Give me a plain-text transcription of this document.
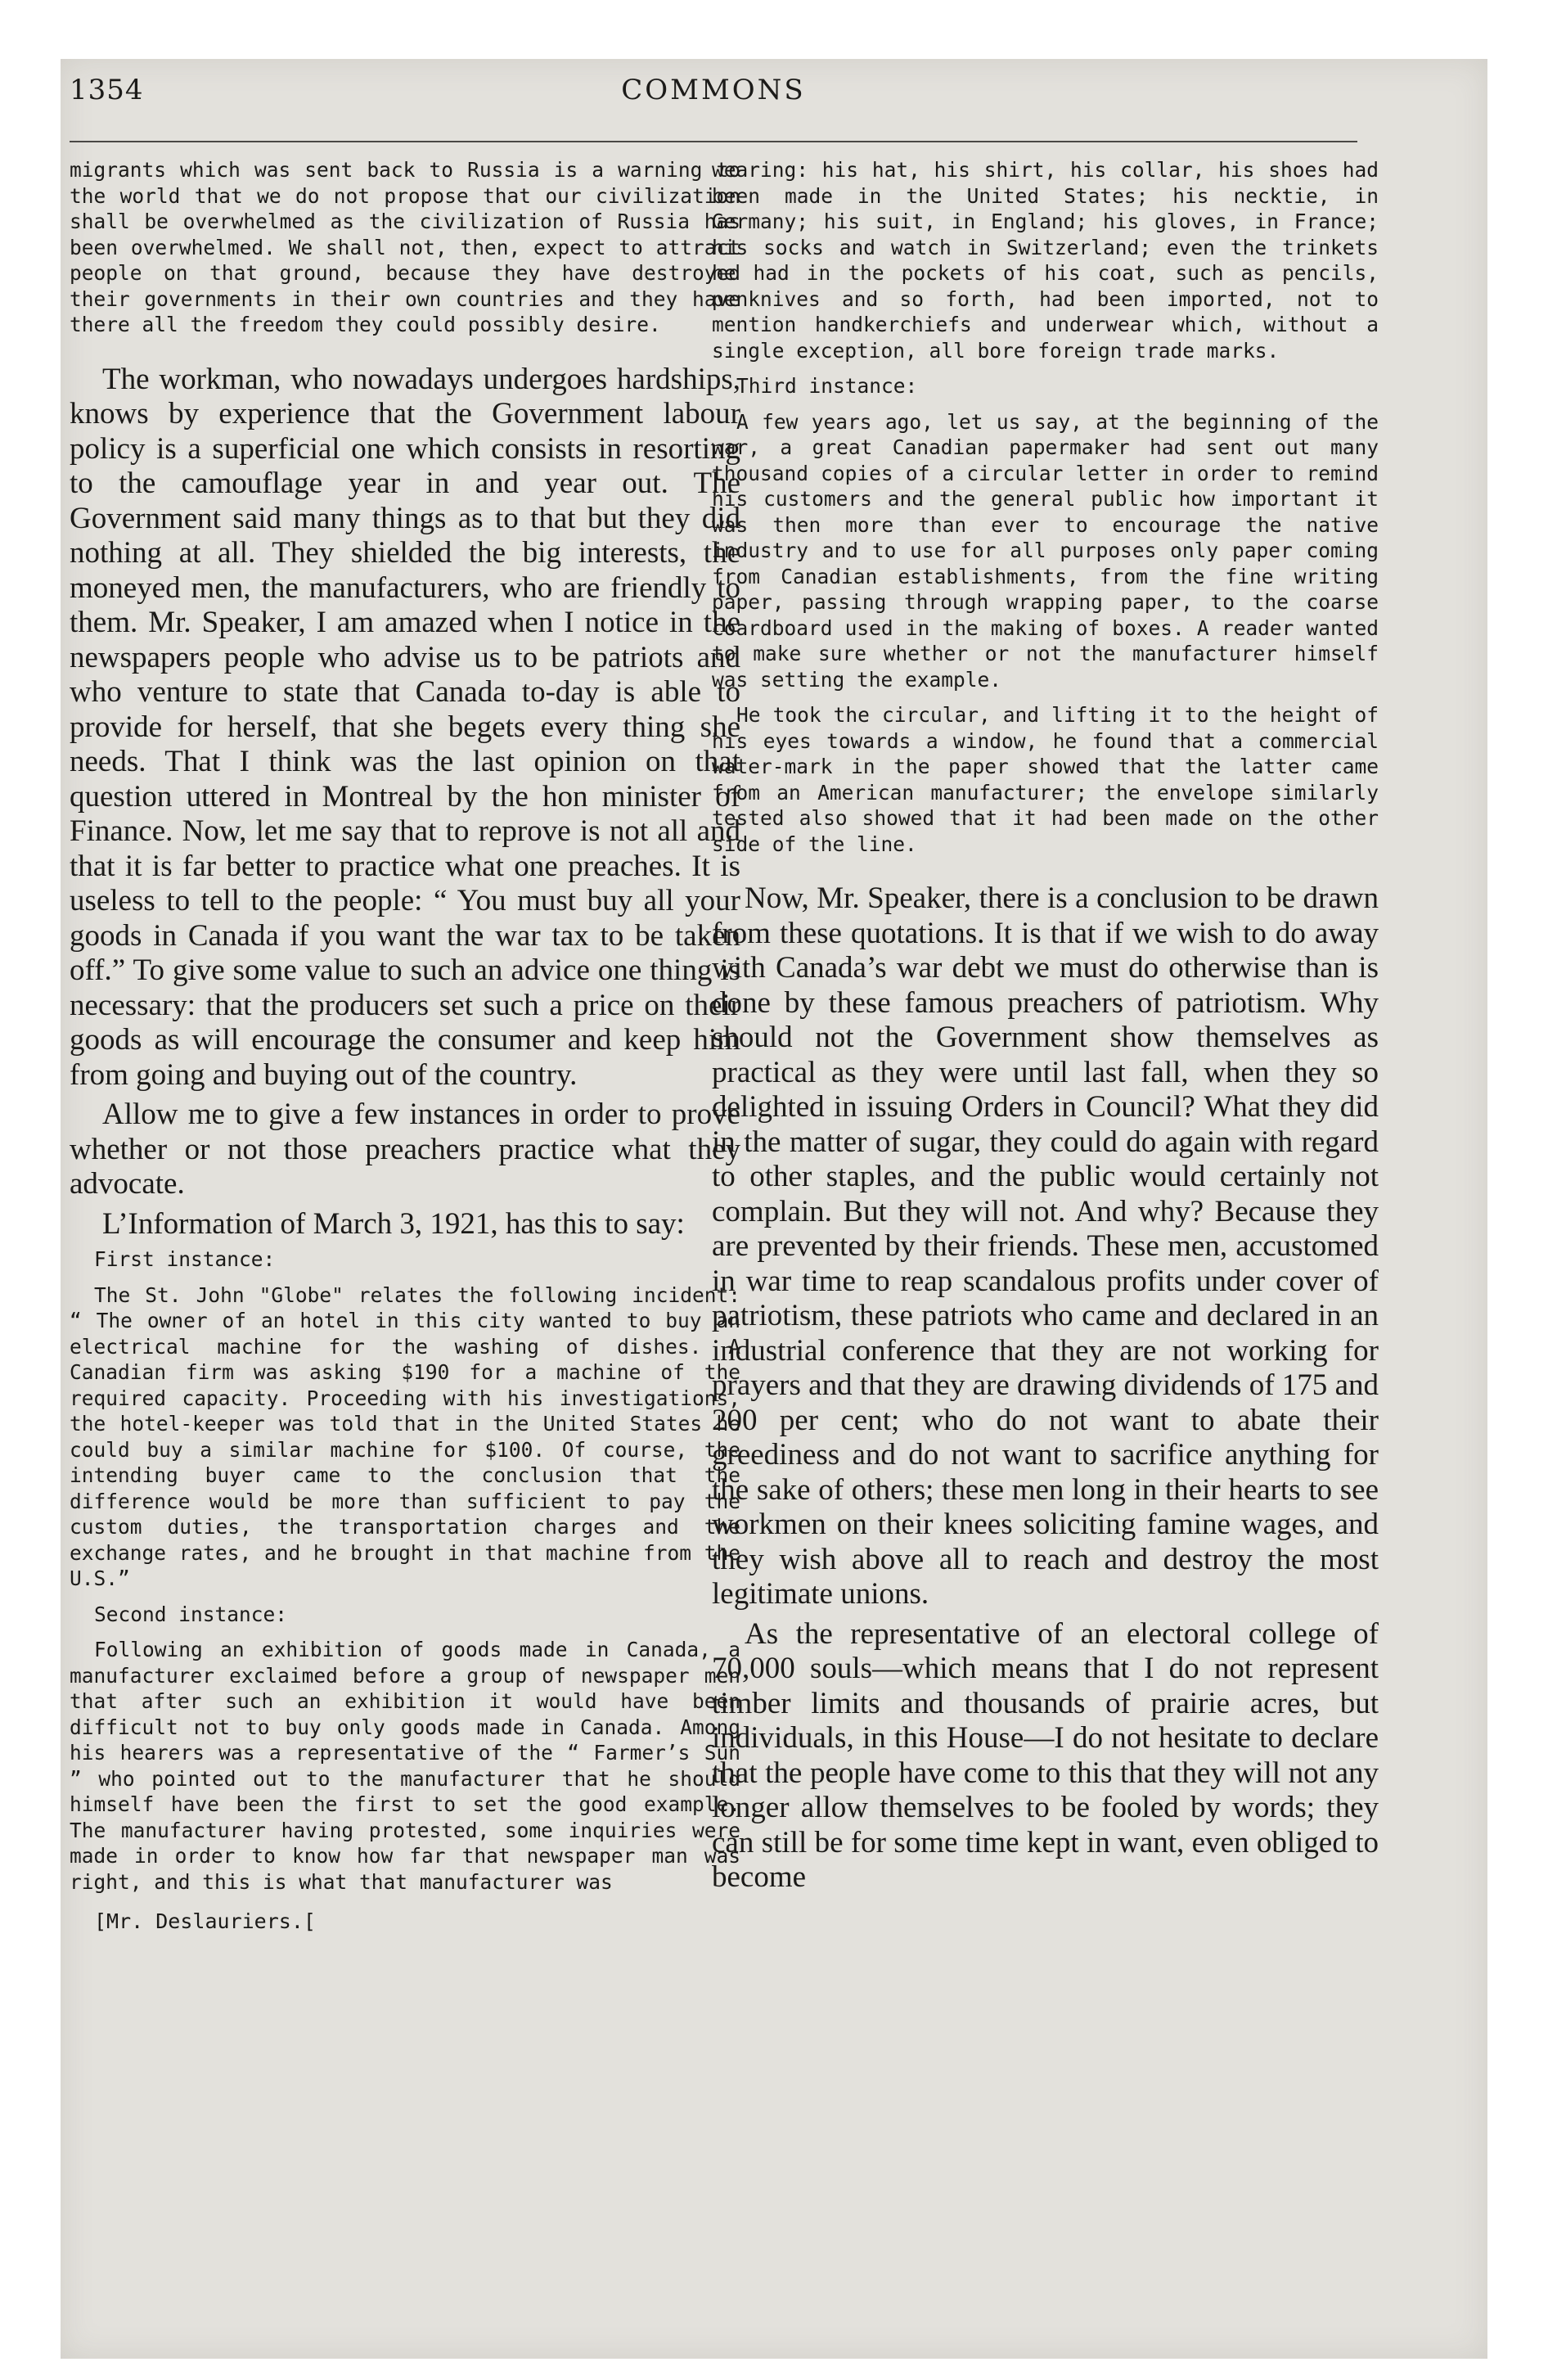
1354	COMMONS

migrants which was sent back to Russia is a warning to the world that we do not propose that our civilization shall be overwhelmed as the civilization of Russia has been overwhelmed. We shall not, then, expect to attract people on that ground, because they have destroyed their governments in their own countries and they have there all the freedom they could possibly desire.

The workman, who nowadays undergoes hardships, knows by experience that the Government labour policy is a superficial one which consists in resorting to the camouflage year in and year out. The Government said many things as to that but they did nothing at all. They shielded the big interests, the moneyed men, the manufacturers, who are friendly to them. Mr. Speaker, I am amazed when I notice in the newspapers people who advise us to be patriots and who venture to state that Canada to-day is able to provide for herself, that she begets every thing she needs. That I think was the last opinion on that question uttered in Montreal by the hon minister of Finance. Now, let me say that to reprove is not all and that it is far better to practice what one preaches. It is useless to tell to the people: “ You must buy all your goods in Canada if you want the war tax to be taken off.” To give some value to such an advice one thing is necessary: that the producers set such a price on their goods as will encourage the consumer and keep him from going and buying out of the country.

Allow me to give a few instances in order to prove whether or not those preachers practice what they advocate.

L’Information of March 3, 1921, has this to say:

First instance:

The St. John "Globe" relates the following incident: “ The owner of an hotel in this city wanted to buy an electrical machine for the washing of dishes. A Canadian firm was asking $190 for a machine of the required capacity. Proceeding with his investigations, the hotel-keeper was told that in the United States he could buy a similar machine for $100. Of course, the intending buyer came to the conclusion that the difference would be more than sufficient to pay the custom duties, the transportation charges and the exchange rates, and he brought in that machine from the U.S.”

Second instance:

Following an exhibition of goods made in Canada, a manufacturer exclaimed before a group of newspaper men that after such an exhibition it would have been difficult not to buy only goods made in Canada. Among his hearers was a representative of the “ Farmer’s Sun ” who pointed out to the manufacturer that he should himself have been the first to set the good example. The manufacturer having protested, some inquiries were made in order to know how far that newspaper man was right, and this is what that manufacturer was

[Mr. Deslauriers.[

wearing: his hat, his shirt, his collar, his shoes had been made in the United States; his necktie, in Germany; his suit, in England; his gloves, in France; his socks and watch in Switzerland; even the trinkets he had in the pockets of his coat, such as pencils, penknives and so forth, had been imported, not to mention handkerchiefs and underwear which, without a single exception, all bore foreign trade marks.

Third instance:

A few years ago, let us say, at the beginning of the war, a great Canadian papermaker had sent out many thousand copies of a circular letter in order to remind his customers and the general public how important it was then more than ever to encourage the native industry and to use for all purposes only paper coming from Canadian establishments, from the fine writing paper, passing through wrapping paper, to the coarse coardboard used in the making of boxes. A reader wanted to make sure whether or not the manufacturer himself was setting the example.

He took the circular, and lifting it to the height of his eyes towards a window, he found that a commercial water-mark in the paper showed that the latter came from an American manufacturer; the envelope similarly tested also showed that it had been made on the other side of the line.

Now, Mr. Speaker, there is a conclusion to be drawn from these quotations. It is that if we wish to do away with Canada’s war debt we must do otherwise than is done by these famous preachers of patriotism. Why should not the Government show themselves as practical as they were until last fall, when they so delighted in issuing Orders in Council? What they did in the matter of sugar, they could do again with regard to other staples, and the public would certainly not complain. But they will not. And why? Because they are prevented by their friends. These men, accustomed in war time to reap scandalous profits under cover of patriotism, these patriots who came and declared in an industrial conference that they are not working for prayers and that they are drawing dividends of 175 and 200 per cent; who do not want to abate their greediness and do not want to sacrifice anything for the sake of others; these men long in their hearts to see workmen on their knees soliciting famine wages, and they wish above all to reach and destroy the most legitimate unions.

As the representative of an electoral college of 70,000 souls—which means that I do not represent timber limits and thousands of prairie acres, but individuals, in this House—I do not hesitate to declare that the people have come to this that they will not any longer allow themselves to be fooled by words; they can still be for some time kept in want, even obliged to become
